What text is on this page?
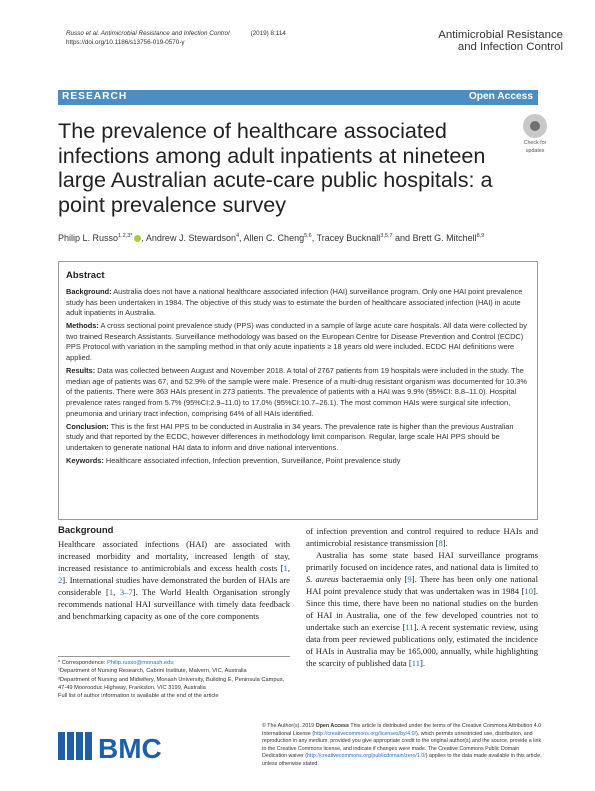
Russo et al. Antimicrobial Resistance and Infection Control	(2019) 8:114
https://doi.org/10.1186/s13756-019-0570-y
Antimicrobial Resistance
and Infection Control
RESEARCH	Open Access
The prevalence of healthcare associated infections among adult inpatients at nineteen large Australian acute-care public hospitals: a point prevalence survey
Check for
updates
Philip L. Russo$^{1,2,3*}$ , Andrew J. Stewardson$^4$, Allen C. Cheng$^{5,6}$, Tracey Bucknall$^{3,5,7}$ and Brett G. Mitchell$^{8,9}$
Abstract

Background: Australia does not have a national healthcare associated infection (HAI) surveillance program. Only one HAI point prevalence study has been undertaken in 1984. The objective of this study was to estimate the burden of healthcare associated infection (HAI) in acute adult inpatients in Australia.

Methods: A cross sectional point prevalence study (PPS) was conducted in a sample of large acute care hospitals. All data were collected by two trained Research Assistants. Surveillance methodology was based on the European Centre for Disease Prevention and Control (ECDC) PPS Protocol with variation in the sampling method in that only acute inpatients ≥ 18 years old were included. ECDC HAI definitions were applied.

Results: Data was collected between August and November 2018. A total of 2767 patients from 19 hospitals were included in the study. The median age of patients was 67, and 52.9% of the sample were male. Presence of a multi-drug resistant organism was documented for 10.3% of the patients. There were 363 HAIs present in 273 patients. The prevalence of patients with a HAI was 9.9% (95%CI: 8.8–11.0). Hospital prevalence rates ranged from 5.7% (95%CI:2.9–11.0) to 17.0% (95%CI:10.7–26.1). The most common HAIs were surgical site infection, pneumonia and urinary tract infection, comprising 64% of all HAIs identified.

Conclusion: This is the first HAI PPS to be conducted in Australia in 34 years. The prevalence rate is higher than the previous Australian study and that reported by the ECDC, however differences in methodology limit comparison. Regular, large scale HAI PPS should be undertaken to generate national HAI data to inform and drive national interventions.

Keywords: Healthcare associated infection, Infection prevention, Surveillance, Point prevalence study

Background

Healthcare associated infections (HAI) are associated with increased morbidity and mortality, increased length of stay, increased resistance to antimicrobials and excess health costs [1, 2]. International studies have demonstrated the burden of HAIs are considerable [1, 3–7]. The World Health Organisation strongly recommends national HAI surveillance with timely data feedback and benchmarking capacity as one of the core components

of infection prevention and control required to reduce HAIs and antimicrobial resistance transmission [8].

Australia has some state based HAI surveillance programs primarily focused on incidence rates, and national data is limited to S. aureus bacteraemia only [9]. There has been only one national HAI point prevalence study that was undertaken was in 1984 [10]. Since this time, there have been no national studies on the burden of HAI in Australia, one of the few developed countries not to undertake such an exercise [11]. A recent systematic review, using data from peer reviewed publications only, estimated the incidence of HAIs in Australia may be 165,000, annually, while highlighting the scarcity of published data [11].

* Correspondence: Philip.russo@monash.edu
¹Department of Nursing Research, Cabrini Institute, Malvern, VIC, Australia
²Department of Nursing and Midwifery, Monash University, Building E, Peninsula Campus, 47-49 Moorooduc Highway, Frankston, VIC 3199, Australia
Full list of author information is available at the end of the article
BMC
© The Author(s). 2019 Open Access This article is distributed under the terms of the Creative Commons Attribution 4.0 International License (http://creativecommons.org/licenses/by/4.0/), which permits unrestricted use, distribution, and reproduction in any medium, provided you give appropriate credit to the original author(s) and the source, provide a link to the Creative Commons license, and indicate if changes were made. The Creative Commons Public Domain Dedication waiver (http://creativecommons.org/publicdomain/zero/1.0/) applies to the data made available in this article, unless otherwise stated.
